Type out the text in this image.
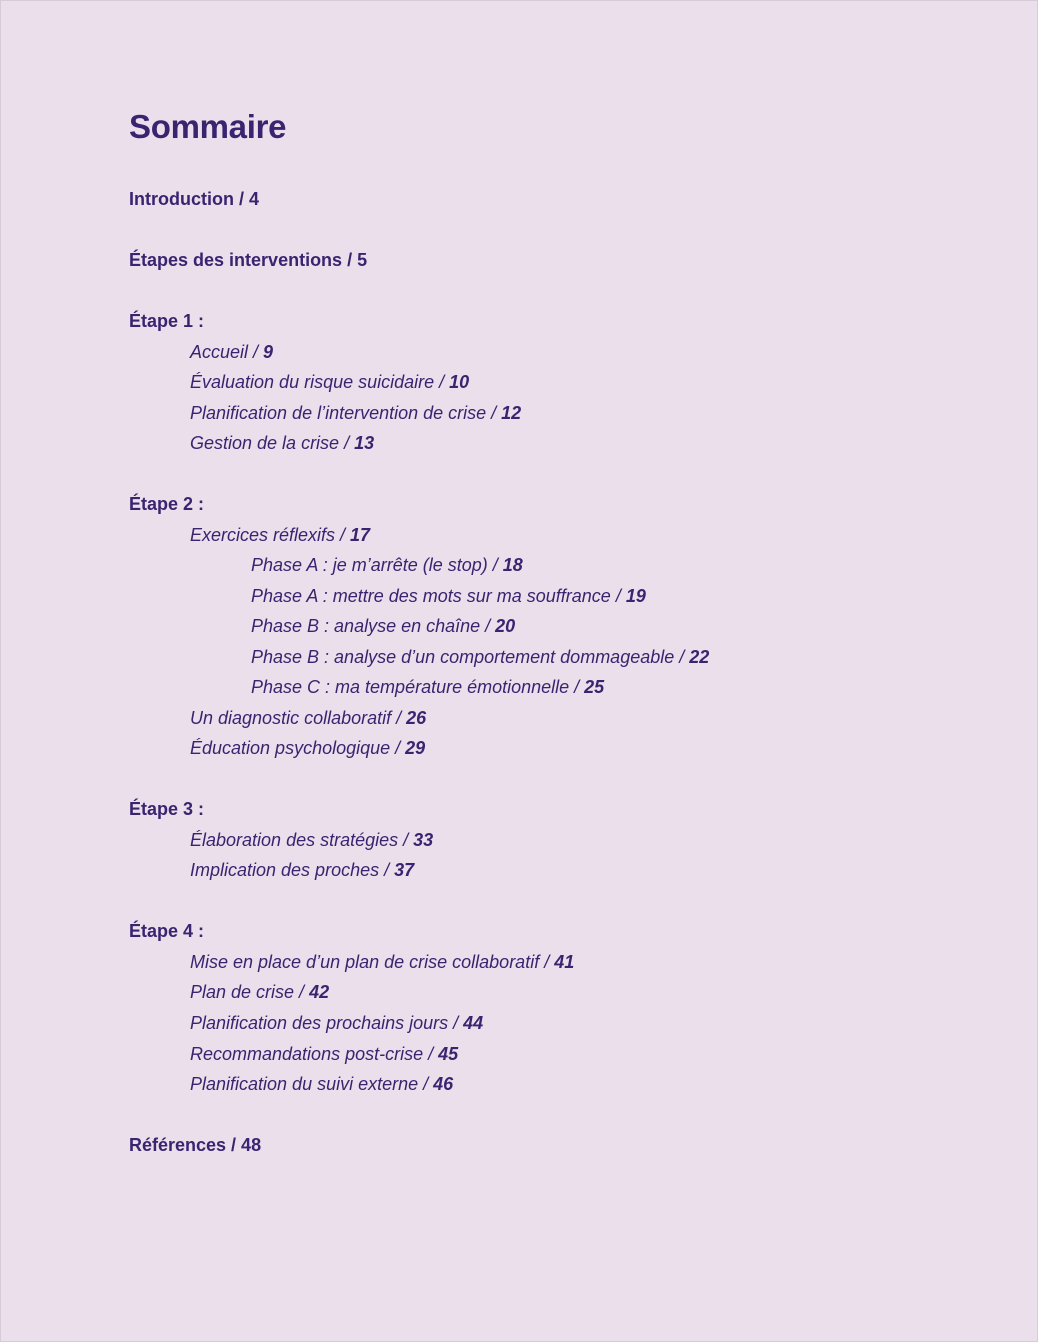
Sommaire
Introduction / 4
Étapes des interventions / 5
Étape 1 :
Accueil / 9
Évaluation du risque suicidaire / 10
Planification de l’intervention de crise / 12
Gestion de la crise / 13
Étape 2 :
Exercices réflexifs / 17
Phase A : je m’arrête (le stop) / 18
Phase A : mettre des mots sur ma souffrance / 19
Phase B : analyse en chaîne / 20
Phase B : analyse d’un comportement dommageable / 22
Phase C : ma température émotionnelle / 25
Un diagnostic collaboratif / 26
Éducation psychologique / 29
Étape 3 :
Élaboration des stratégies / 33
Implication des proches / 37
Étape 4 :
Mise en place d’un plan de crise collaboratif / 41
Plan de crise / 42
Planification des prochains jours / 44
Recommandations post-crise / 45
Planification du suivi externe / 46
Références / 48
